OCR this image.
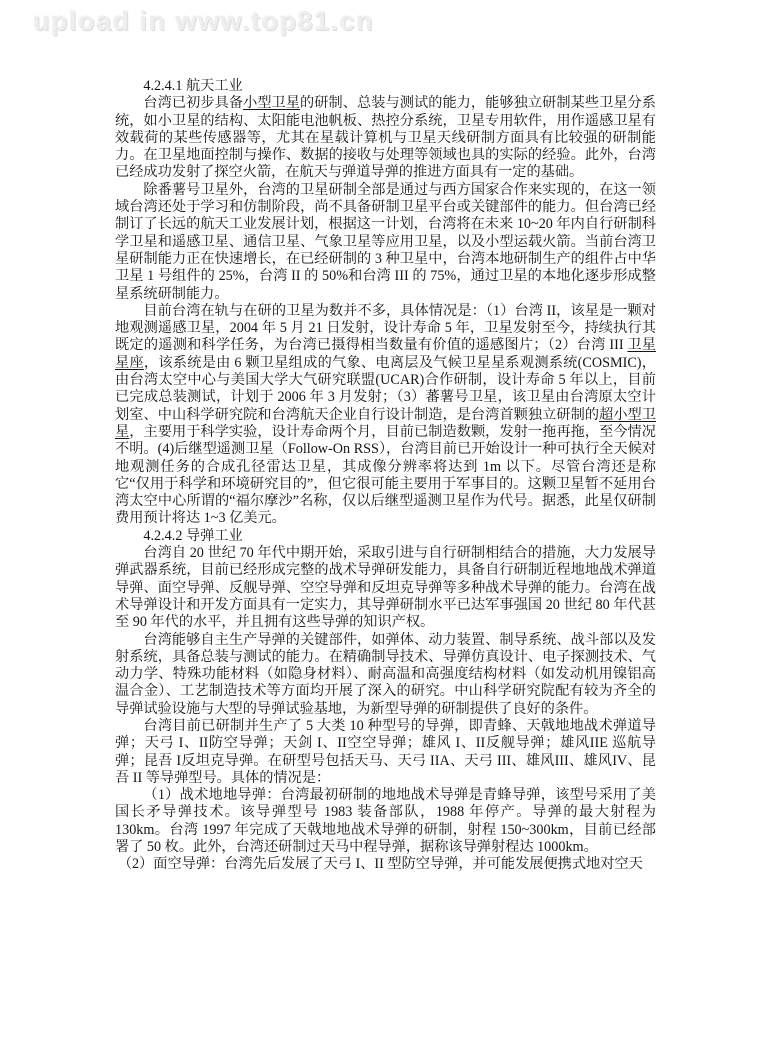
upload in www.top81.cn
4.2.4.1 航天工业

台湾已初步具备小型卫星的研制、总装与测试的能力，能够独立研制某些卫星分系统，如小卫星的结构、太阳能电池帆板、热控分系统，卫星专用软件，用作遥感卫星有效载荷的某些传感器等，尤其在星载计算机与卫星天线研制方面具有比较强的研制能力。在卫星地面控制与操作、数据的接收与处理等领域也具的实际的经验。此外，台湾已经成功发射了探空火箭，在航天与弹道导弹的推进方面具有一定的基础。

除番薯号卫星外，台湾的卫星研制全部是通过与西方国家合作来实现的，在这一领域台湾还处于学习和仿制阶段，尚不具备研制卫星平台或关键部件的能力。但台湾已经制订了长远的航天工业发展计划，根据这一计划，台湾将在未来 10~20 年内自行研制科学卫星和遥感卫星、通信卫星、气象卫星等应用卫星，以及小型运载火箭。当前台湾卫星研制能力正在快速增长，在已经研制的 3 种卫星中，台湾本地研制生产的组件占中华卫星 1 号组件的 25%，台湾 II 的 50%和台湾 III 的 75%，通过卫星的本地化逐步形成整星系统研制能力。

目前台湾在轨与在研的卫星为数并不多，具体情况是：（1）台湾 II，该星是一颗对地观测遥感卫星，2004 年 5 月 21 日发射，设计寿命 5 年，卫星发射至今，持续执行其既定的遥测和科学任务，为台湾已摄得相当数量有价值的遥感图片；（2）台湾 III 卫星星座，该系统是由 6 颗卫星组成的气象、电离层及气候卫星星系观测系统(COSMIC)，由台湾太空中心与美国大学大气研究联盟(UCAR)合作研制，设计寿命 5 年以上，目前已完成总装测试，计划于 2006 年 3 月发射；（3）蕃薯号卫星，该卫星由台湾原太空计划室、中山科学研究院和台湾航天企业自行设计制造，是台湾首颗独立研制的超小型卫星，主要用于科学实验，设计寿命两个月，目前已制造数颗，发射一拖再拖，至今情况不明。(4)后继型遥测卫星（Follow-On RSS），台湾目前已开始设计一种可执行全天候对地观测任务的合成孔径雷达卫星，其成像分辨率将达到 1m 以下。尽管台湾还是称它“仅用于科学和环境研究目的”，但它很可能主要用于军事目的。这颗卫星暂不延用台湾太空中心所谓的“福尔摩沙”名称，仅以后继型遥测卫星作为代号。据悉，此星仅研制费用预计将达 1~3 亿美元。

4.2.4.2 导弹工业

台湾自 20 世纪 70 年代中期开始，采取引进与自行研制相结合的措施，大力发展导弹武器系统，目前已经形成完整的战术导弹研发能力，具备自行研制近程地地战术弹道导弹、面空导弹、反舰导弹、空空导弹和反坦克导弹等多种战术导弹的能力。台湾在战术导弹设计和开发方面具有一定实力，其导弹研制水平已达军事强国 20 世纪 80 年代甚至 90 年代的水平，并且拥有这些导弹的知识产权。

台湾能够自主生产导弹的关键部件，如弹体、动力装置、制导系统、战斗部以及发射系统，具备总装与测试的能力。在精确制导技术、导弹仿真设计、电子探测技术、气动力学、特殊功能材料（如隐身材料）、耐高温和高强度结构材料（如发动机用镍铝高温合金）、工艺制造技术等方面均开展了深入的研究。中山科学研究院配有较为齐全的导弹试验设施与大型的导弹试验基地，为新型导弹的研制提供了良好的条件。

台湾目前已研制并生产了 5 大类 10 种型号的导弹，即青蜂、天戟地地战术弹道导弹；天弓 I、II防空导弹；天剑 I、II空空导弹；雄风 I、II反舰导弹；雄风IIE 巡航导弹；昆吾 I反坦克导弹。在研型号包括天马、天弓 IIA、天弓 III、雄风III、雄风IV、昆吾 II 等导弹型号。具体的情况是：

（1）战术地地导弹：台湾最初研制的地地战术导弹是青蜂导弹，该型号采用了美国长矛导弹技术。该导弹型号 1983 装备部队，1988 年停产。导弹的最大射程为 130km。台湾 1997 年完成了天戟地地战术导弹的研制，射程 150~300km，目前已经部署了 50 枚。此外，台湾还研制过天马中程导弹，据称该导弹射程达 1000km。

（2）面空导弹：台湾先后发展了天弓 I、II 型防空导弹，并可能发展便携式地对空天
